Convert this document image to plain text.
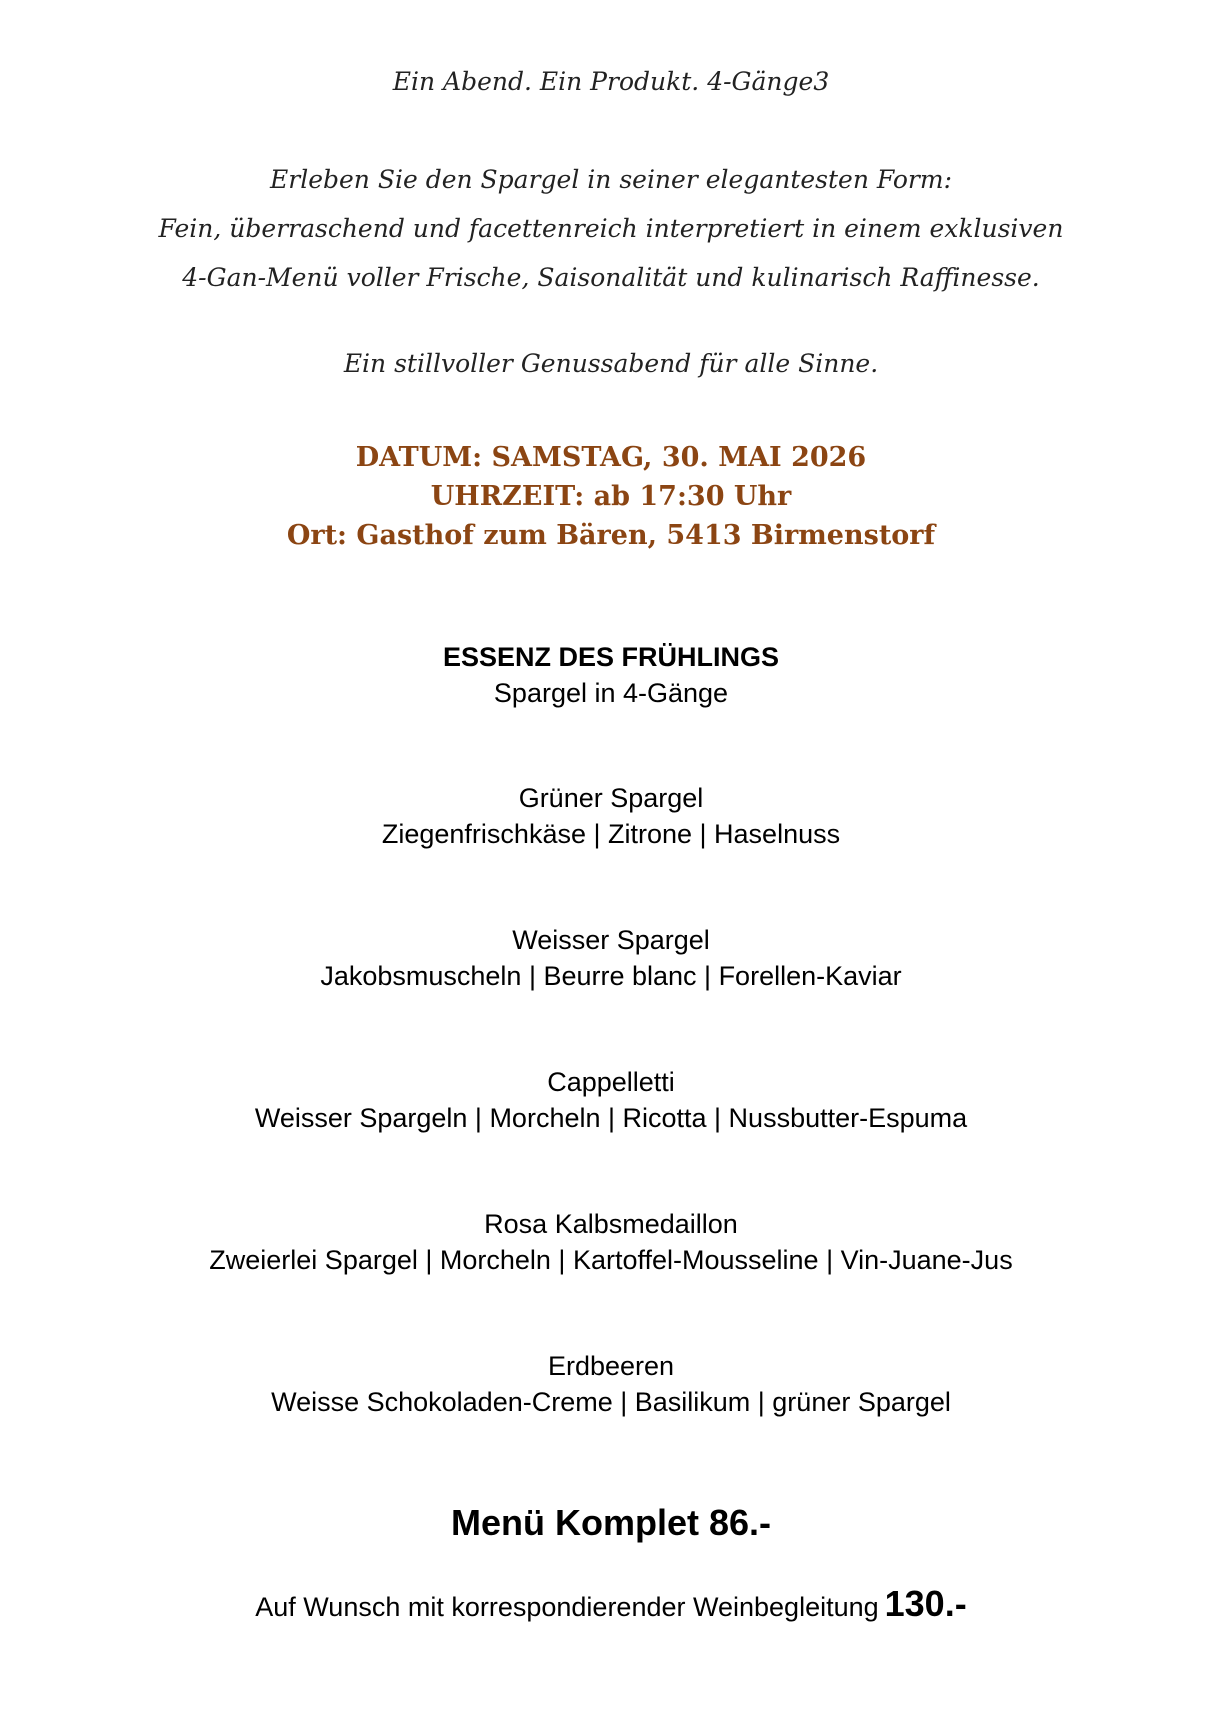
Ein Abend. Ein Produkt. 4-Gänge3
Erleben Sie den Spargel in seiner elegantesten Form:
Fein, überraschend und facettenreich interpretiert in einem exklusiven
4-Gan-Menü voller Frische, Saisonalität und kulinarisch Raffinesse.
Ein stillvoller Genussabend für alle Sinne.
DATUM: SAMSTAG, 30. MAI 2026
UHRZEIT: ab 17:30 Uhr
Ort: Gasthof zum Bären, 5413 Birmenstorf
ESSENZ DES FRÜHLINGS
Spargel in 4-Gänge
Grüner Spargel
Ziegenfrischkäse | Zitrone | Haselnuss
Weisser Spargel
Jakobsmuscheln | Beurre blanc | Forellen-Kaviar
Cappelletti
Weisser Spargeln | Morcheln | Ricotta | Nussbutter-Espuma
Rosa Kalbsmedaillon
Zweierlei Spargel | Morcheln | Kartoffel-Mousseline | Vin-Juane-Jus
Erdbeeren
Weisse Schokoladen-Creme | Basilikum | grüner Spargel
Menü Komplet 86.-
Auf Wunsch mit korrespondierender Weinbegleitung 130.-
